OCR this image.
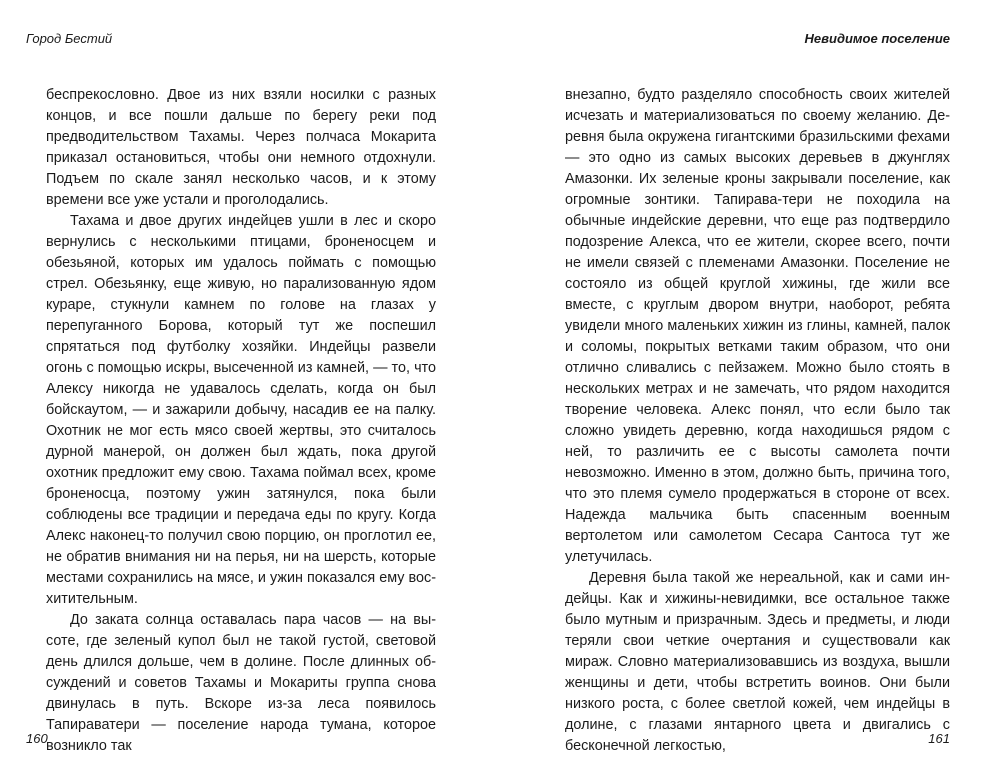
Город Бестий

беспрекословно. Двое из них взяли носилки с разных концов, и все пошли дальше по берегу реки под предводительством Тахамы. Через полчаса Мокарита приказал остановиться, чтобы они немного отдохнули. Подъем по скале занял несколько часов, и к этому времени все уже устали и проголодались.

Тахама и двое других индейцев ушли в лес и скоро вернулись с несколькими птицами, броненосцем и обезьяной, которых им удалось поймать с помощью стрел. Обезьянку, еще живую, но парализованную ядом кураре, стукнули камнем по голове на глазах у перепуганного Борова, который тут же поспешил спрятаться под футболку хозяйки. Индейцы развели огонь с помощью искры, высеченной из камней, — то, что Алексу никогда не удавалось сделать, когда он был бойскаутом, — и зажарили добычу, насадив ее на палку. Охотник не мог есть мясо своей жертвы, это считалось дурной манерой, он должен был ждать, пока другой охотник предложит ему свою. Тахама поймал всех, кроме броненосца, поэтому ужин затянулся, пока были соблюдены все традиции и передача еды по кругу. Когда Алекс наконец-то получил свою порцию, он проглотил ее, не обратив внимания ни на перья, ни на шерсть, которые местами сохранились на мясе, и ужин показался ему восхитительным.

До заката солнца оставалась пара часов — на высоте, где зеленый купол был не такой густой, световой день длился дольше, чем в долине. После длинных обсуждений и советов Тахамы и Мокариты группа снова двинулась в путь. Вскоре из-за леса появилось Тапираватери — поселение народа тумана, которое возникло так

160
Невидимое поселение

внезапно, будто разделяло способность своих жителей исчезать и материализоваться по своему желанию. Деревня была окружена гигантскими бразильскими фехами — это одно из самых высоких деревьев в джунглях Амазонки. Их зеленые кроны закрывали поселение, как огромные зонтики. Тапирава-тери не походила на обычные индейские деревни, что еще раз подтвердило подозрение Алекса, что ее жители, скорее всего, почти не имели связей с племенами Амазонки. Поселение не состояло из общей круглой хижины, где жили все вместе, с круглым двором внутри, наоборот, ребята увидели много маленьких хижин из глины, камней, палок и соломы, покрытых ветками таким образом, что они отлично сливались с пейзажем. Можно было стоять в нескольких метрах и не замечать, что рядом находится творение человека. Алекс понял, что если было так сложно увидеть деревню, когда находишься рядом с ней, то различить ее с высоты самолета почти невозможно. Именно в этом, должно быть, причина того, что это племя сумело продержаться в стороне от всех. Надежда мальчика быть спасенным военным вертолетом или самолетом Сесара Сантоса тут же улетучилась.

Деревня была такой же нереальной, как и сами индейцы. Как и хижины-невидимки, все остальное также было мутным и призрачным. Здесь и предметы, и люди теряли свои четкие очертания и существовали как мираж. Словно материализовавшись из воздуха, вышли женщины и дети, чтобы встретить воинов. Они были низкого роста, с более светлой кожей, чем индейцы в долине, с глазами янтарного цвета и двигались с бесконечной легкостью,	161
